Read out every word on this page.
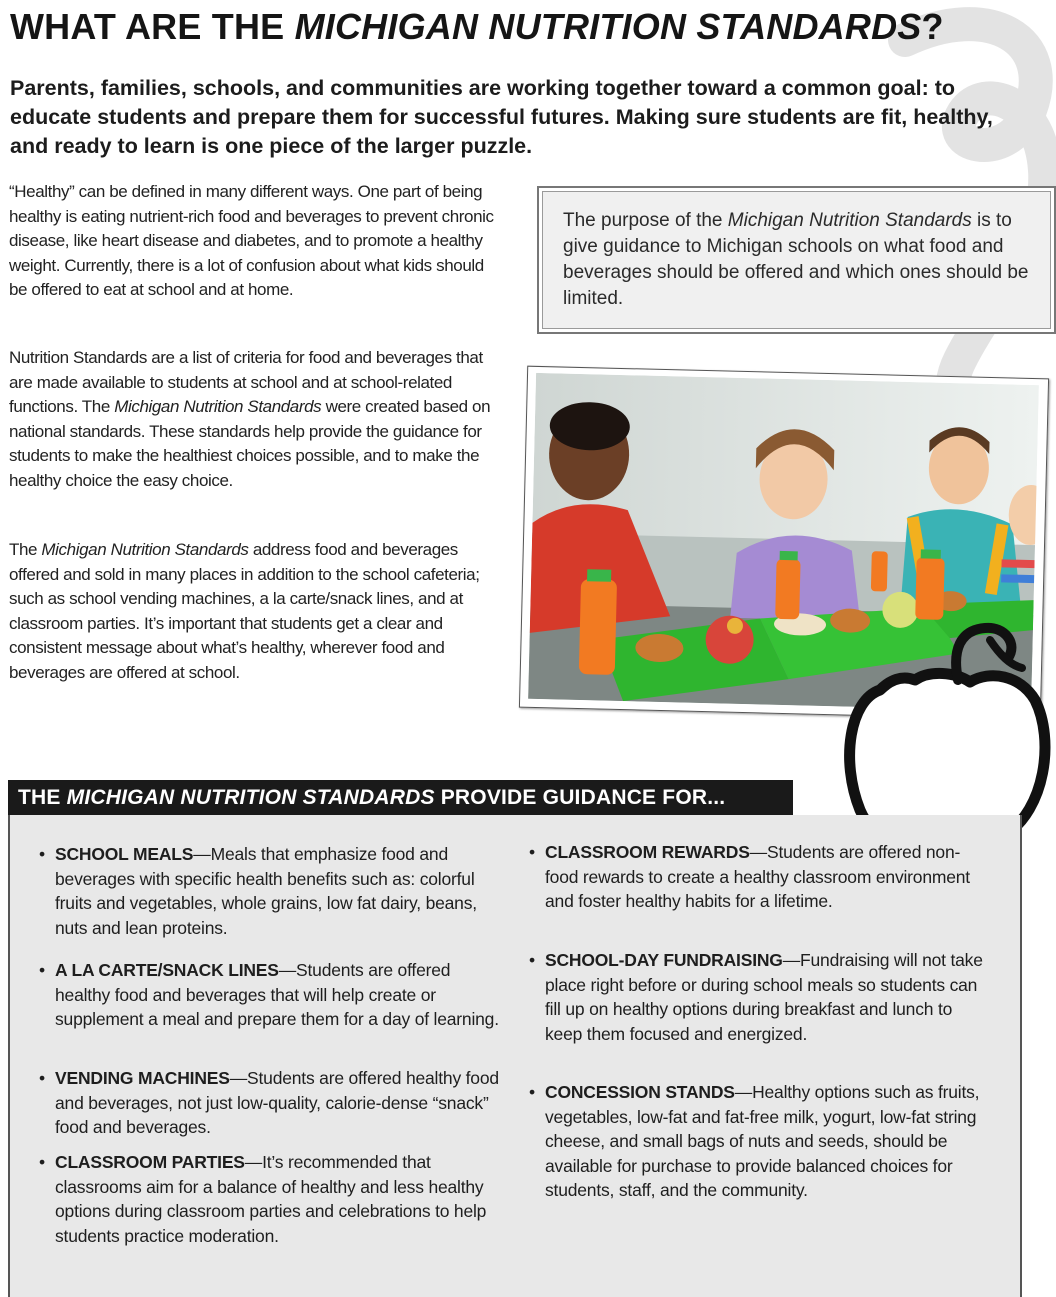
WHAT ARE THE MICHIGAN NUTRITION STANDARDS?

Parents, families, schools, and communities are working together toward a common goal: to educate students and prepare them for successful futures. Making sure students are fit, healthy, and ready to learn is one piece of the larger puzzle.

“Healthy” can be defined in many different ways. One part of being healthy is eating nutrient-rich food and beverages to prevent chronic disease, like heart disease and diabetes, and to promote a healthy weight. Currently, there is a lot of confusion about what kids should be offered to eat at school and at home.

Nutrition Standards are a list of criteria for food and beverages that are made available to students at school and at school-related functions. The Michigan Nutrition Standards were created based on national standards. These standards help provide the guidance for students to make the healthiest choices possible, and to make the healthy choice the easy choice.

The Michigan Nutrition Standards address food and beverages offered and sold in many places in addition to the school cafeteria; such as school vending machines, a la carte/snack lines, and at classroom parties. It’s important that students get a clear and consistent message about what’s healthy, wherever food and beverages are offered at school.

The purpose of the Michigan Nutrition Standards is to give guidance to Michigan schools on what food and beverages should be offered and which ones should be limited.

THE MICHIGAN NUTRITION STANDARDS PROVIDE GUIDANCE FOR...

• SCHOOL MEALS—Meals that emphasize food and beverages with specific health benefits such as: colorful fruits and vegetables, whole grains, low fat dairy, beans, nuts and lean proteins.

• A LA CARTE/SNACK LINES—Students are offered healthy food and beverages that will help create or supplement a meal and prepare them for a day of learning.

• VENDING MACHINES—Students are offered healthy food and beverages, not just low-quality, calorie-dense “snack” food and beverages.

• CLASSROOM PARTIES—It’s recommended that classrooms aim for a balance of healthy and less healthy options during classroom parties and celebrations to help students practice moderation.

• CLASSROOM REWARDS—Students are offered non-food rewards to create a healthy classroom environment and foster healthy habits for a lifetime.

• SCHOOL-DAY FUNDRAISING—Fundraising will not take place right before or during school meals so students can fill up on healthy options during breakfast and lunch to keep them focused and energized.

• CONCESSION STANDS—Healthy options such as fruits, vegetables, low-fat and fat-free milk, yogurt, low-fat string cheese, and small bags of nuts and seeds, should be available for purchase to provide balanced choices for students, staff, and the community.
